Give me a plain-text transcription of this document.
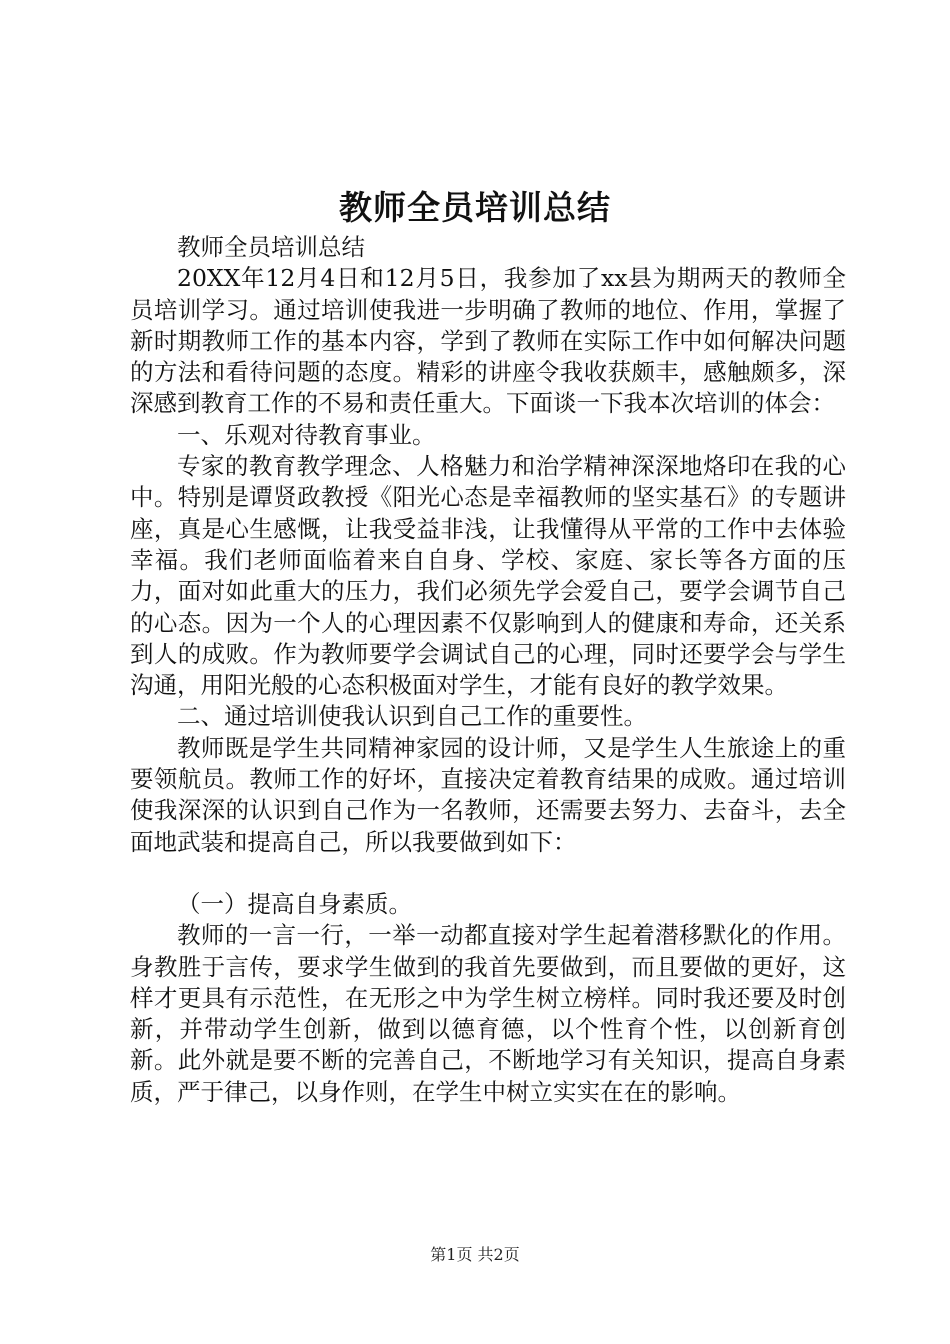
教师全员培训总结

教师全员培训总结

20XX年12月4日和12月5日，我参加了xx县为期两天的教师全员培训学习。通过培训使我进一步明确了教师的地位、作用，掌握了新时期教师工作的基本内容，学到了教师在实际工作中如何解决问题的方法和看待问题的态度。精彩的讲座令我收获颇丰，感触颇多，深深感到教育工作的不易和责任重大。下面谈一下我本次培训的体会：

一、乐观对待教育事业。

专家的教育教学理念、人格魅力和治学精神深深地烙印在我的心中。特别是谭贤政教授《阳光心态是幸福教师的坚实基石》的专题讲座，真是心生感慨，让我受益非浅，让我懂得从平常的工作中去体验幸福。我们老师面临着来自自身、学校、家庭、家长等各方面的压力，面对如此重大的压力，我们必须先学会爱自己，要学会调节自己的心态。因为一个人的心理因素不仅影响到人的健康和寿命，还关系到人的成败。作为教师要学会调试自己的心理，同时还要学会与学生沟通，用阳光般的心态积极面对学生，才能有良好的教学效果。

二、通过培训使我认识到自己工作的重要性。

教师既是学生共同精神家园的设计师，又是学生人生旅途上的重要领航员。教师工作的好坏，直接决定着教育结果的成败。通过培训使我深深的认识到自己作为一名教师，还需要去努力、去奋斗，去全面地武装和提高自己，所以我要做到如下：

（一）提高自身素质。

教师的一言一行，一举一动都直接对学生起着潜移默化的作用。身教胜于言传，要求学生做到的我首先要做到，而且要做的更好，这样才更具有示范性，在无形之中为学生树立榜样。同时我还要及时创新，并带动学生创新，做到以德育德，以个性育个性，以创新育创新。此外就是要不断的完善自己，不断地学习有关知识，提高自身素质，严于律己，以身作则，在学生中树立实实在在的影响。

第1页 共2页
